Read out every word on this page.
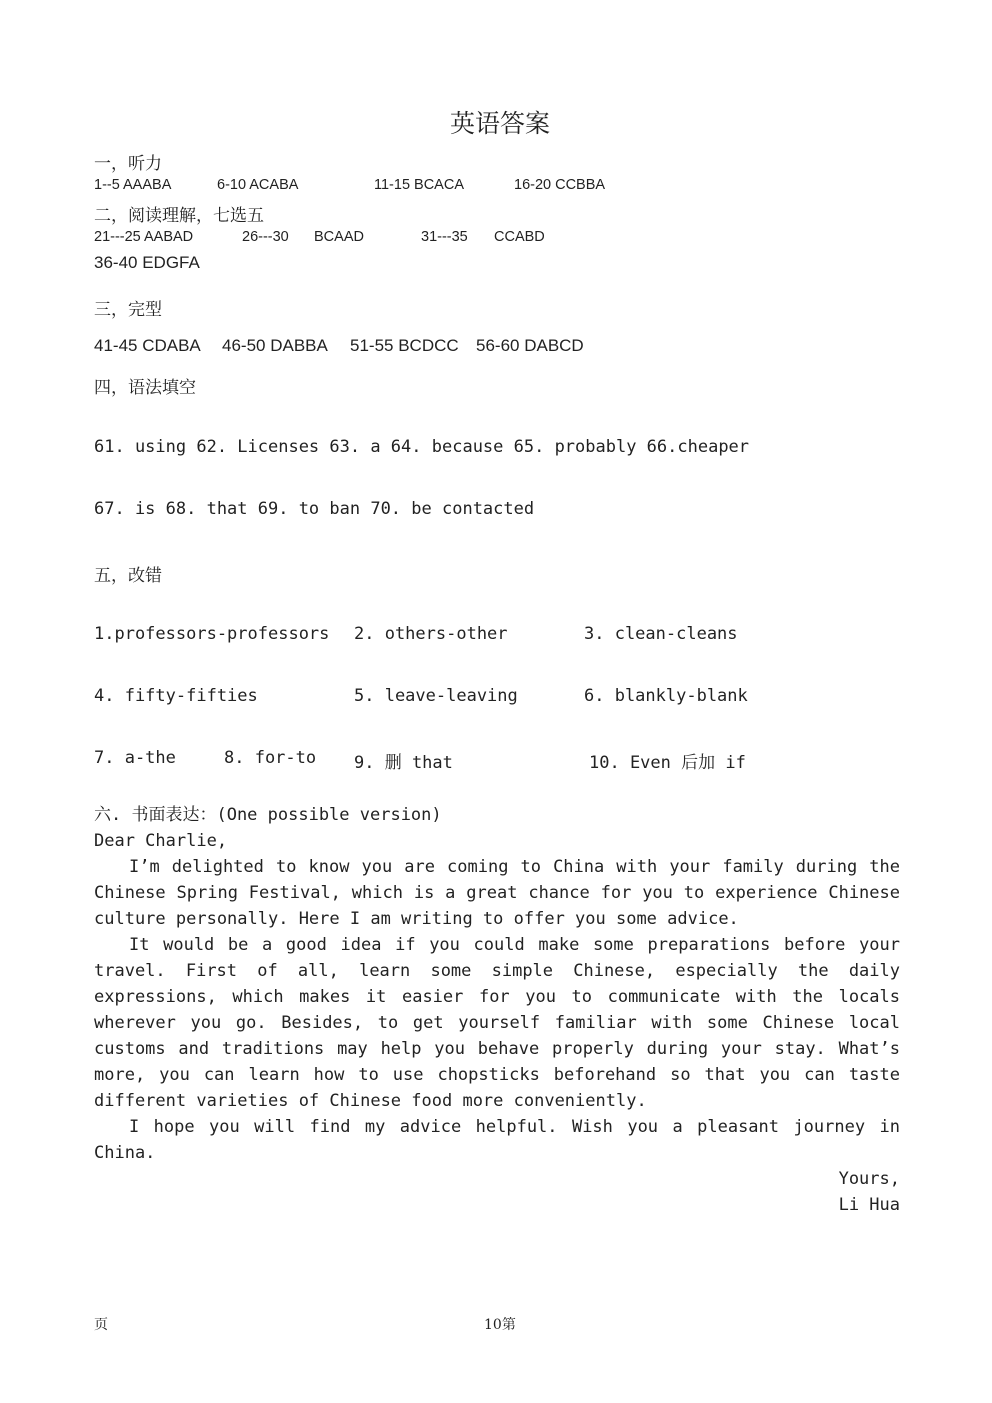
英语答案
一，听力
1--5 AAABA	6-10 ACABA	11-15 BCACA	16-20 CCBBA
二，阅读理解，七选五
21---25 AABAD	26---30 BCAAD	31---35 CCABD
36-40 EDGFA
三，完型
41-45 CDABA 46-50 DABBA 51-55 BCDCC 56-60 DABCD
四，语法填空
61. using 62. Licenses 63. a 64. because 65. probably 66.cheaper
67. is 68. that 69. to ban 70. be contacted
五，改错
1.professors-professors 2. others-other	3. clean-cleans
4. fifty-fifties	5. leave-leaving	6. blankly-blank
7. a-the	8. for-to 9. 删 that	10. Even 后加 if
六. 书面表达：(One possible version)
Dear Charlie,

I’m delighted to know you are coming to China with your family during the Chinese Spring Festival, which is a great chance for you to experience Chinese culture personally. Here I am writing to offer you some advice.

It would be a good idea if you could make some preparations before your travel. First of all, learn some simple Chinese, especially the daily expressions, which makes it easier for you to communicate with the locals wherever you go. Besides, to get yourself familiar with some Chinese local customs and traditions may help you behave properly during your stay. What’s more, you can learn how to use chopsticks beforehand so that you can taste different varieties of Chinese food more conveniently.

I hope you will find my advice helpful. Wish you a pleasant journey in China.

Yours,
Li Hua
页	10第
